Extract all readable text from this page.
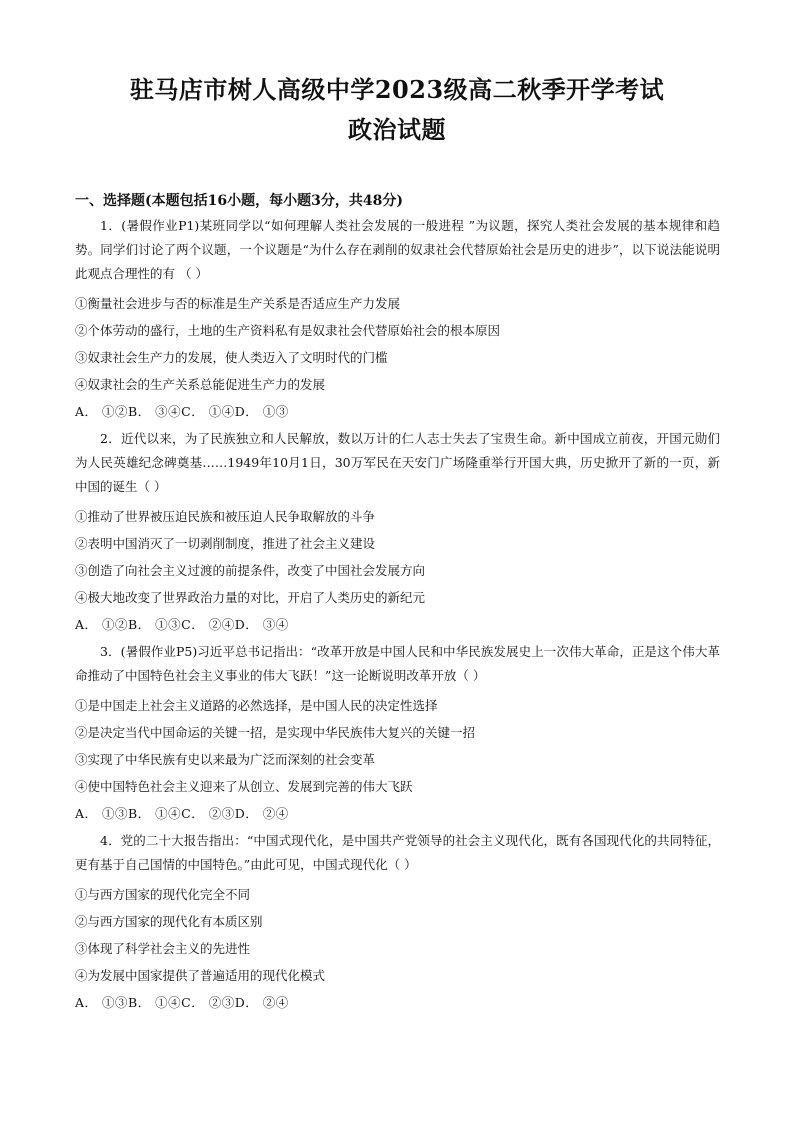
驻马店市树人高级中学2023级高二秋季开学考试
政治试题
一、选择题(本题包括16小题，每小题3分，共48分)

1．(暑假作业P1)某班同学以“如何理解人类社会发展的一般进程 ”为议题，探究人类社会发展的基本规律和趋势。同学们讨论了两个议题，一个议题是“为什么存在剥削的奴隶社会代替原始社会是历史的进步”，以下说法能说明此观点合理性的有 （ ）

①衡量社会进步与否的标准是生产关系是否适应生产力发展

②个体劳动的盛行，土地的生产资料私有是奴隶社会代替原始社会的根本原因

③奴隶社会生产力的发展，使人类迈入了文明时代的门槛

④奴隶社会的生产关系总能促进生产力的发展

A． ①②B． ③④C． ①④D． ①③

2．近代以来，为了民族独立和人民解放，数以万计的仁人志士失去了宝贵生命。新中国成立前夜，开国元勋们为人民英雄纪念碑奠基……1949年10月1日，30万军民在天安门广场隆重举行开国大典，历史掀开了新的一页，新中国的诞生（ ）

①推动了世界被压迫民族和被压迫人民争取解放的斗争

②表明中国消灭了一切剥削制度，推进了社会主义建设

③创造了向社会主义过渡的前提条件，改变了中国社会发展方向

④极大地改变了世界政治力量的对比，开启了人类历史的新纪元

A． ①②B． ①③C． ②④D． ③④

3．(暑假作业P5)习近平总书记指出：“改革开放是中国人民和中华民族发展史上一次伟大革命，正是这个伟大革命推动了中国特色社会主义事业的伟大飞跃！”这一论断说明改革开放（ ）

①是中国走上社会主义道路的必然选择，是中国人民的决定性选择

②是决定当代中国命运的关键一招，是实现中华民族伟大复兴的关键一招

③实现了中华民族有史以来最为广泛而深刻的社会变革

④使中国特色社会主义迎来了从创立、发展到完善的伟大飞跃

A． ①③B． ①④C． ②③D． ②④

4．党的二十大报告指出：“中国式现代化，是中国共产党领导的社会主义现代化，既有各国现代化的共同特征，更有基于自己国情的中国特色。”由此可见，中国式现代化（ ）

①与西方国家的现代化完全不同

②与西方国家的现代化有本质区别

③体现了科学社会主义的先进性

④为发展中国家提供了普遍适用的现代化模式

A． ①③B． ①④C． ②③D． ②④
